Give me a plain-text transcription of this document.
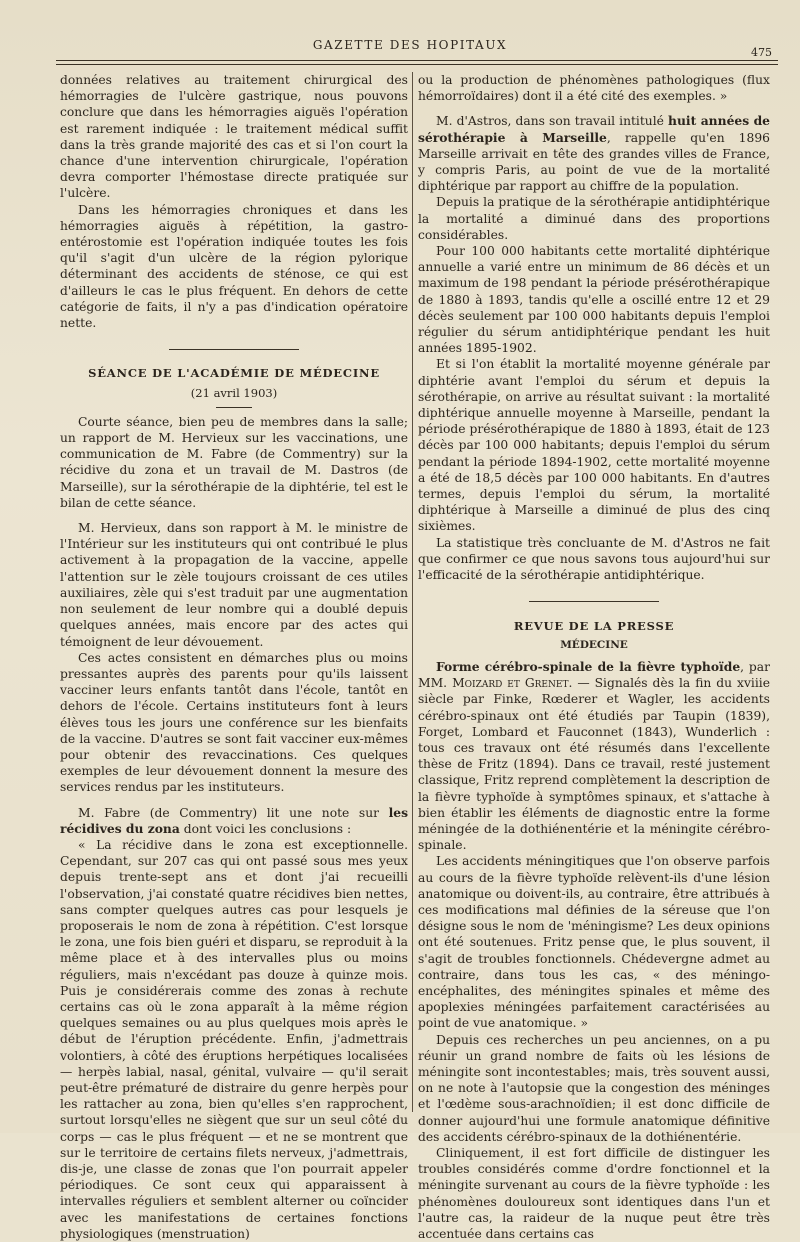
GAZETTE DES HOPITAUX
475

données relatives au traitement chirurgical des hémorragies de l'ulcère gastrique, nous pouvons conclure que dans les hémorragies aiguës l'opération est rarement indiquée : le traitement médical suffit dans la très grande majorité des cas et si l'on court la chance d'une intervention chirurgicale, l'opération devra comporter l'hémostase directe pratiquée sur l'ulcère.

Dans les hémorragies chroniques et dans les hémorragies aiguës à répétition, la gastro-entérostomie est l'opération indiquée toutes les fois qu'il s'agit d'un ulcère de la région pylorique déterminant des accidents de sténose, ce qui est d'ailleurs le cas le plus fréquent. En dehors de cette catégorie de faits, il n'y a pas d'indication opératoire nette.

SÉANCE DE L'ACADÉMIE DE MÉDECINE
(21 avril 1903)

Courte séance, bien peu de membres dans la salle; un rapport de M. Hervieux sur les vaccinations, une communication de M. Fabre (de Commentry) sur la récidive du zona et un travail de M. Dastros (de Marseille), sur la sérothérapie de la diphtérie, tel est le bilan de cette séance.

M. Hervieux, dans son rapport à M. le ministre de l'Intérieur sur les instituteurs qui ont contribué le plus activement à la propagation de la vaccine, appelle l'attention sur le zèle toujours croissant de ces utiles auxiliaires, zèle qui s'est traduit par une augmentation non seulement de leur nombre qui a doublé depuis quelques années, mais encore par des actes qui témoignent de leur dévouement.

Ces actes consistent en démarches plus ou moins pressantes auprès des parents pour qu'ils laissent vacciner leurs enfants tantôt dans l'école, tantôt en dehors de l'école. Certains instituteurs font à leurs élèves tous les jours une conférence sur les bienfaits de la vaccine. D'autres se sont fait vacciner eux-mêmes pour obtenir des revaccinations. Ces quelques exemples de leur dévouement donnent la mesure des services rendus par les instituteurs.

M. Fabre (de Commentry) lit une note sur les récidives du zona dont voici les conclusions :

« La récidive dans le zona est exceptionnelle. Cependant, sur 207 cas qui ont passé sous mes yeux depuis trente-sept ans et dont j'ai recueilli l'observation, j'ai constaté quatre récidives bien nettes, sans compter quelques autres cas pour lesquels je proposerais le nom de zona à répétition. C'est lorsque le zona, une fois bien guéri et disparu, se reproduit à la même place et à des intervalles plus ou moins réguliers, mais n'excédant pas douze à quinze mois. Puis je considérerais comme des zonas à rechute certains cas où le zona apparaît à la même région quelques semaines ou au plus quelques mois après le début de l'éruption précédente. Enfin, j'admettrais volontiers, à côté des éruptions herpétiques localisées — herpès labial, nasal, génital, vulvaire — qu'il serait peut-être prématuré de distraire du genre herpès pour les rattacher au zona, bien qu'elles s'en rapprochent, surtout lorsqu'elles ne siègent que sur un seul côté du corps — cas le plus fréquent — et ne se montrent que sur le territoire de certains filets nerveux, j'admettrais, dis-je, une classe de zonas que l'on pourrait appeler périodiques. Ce sont ceux qui apparaissent à intervalles réguliers et semblent alterner ou coïncider avec les manifestations de certaines fonctions physiologiques (menstruation)

ou la production de phénomènes pathologiques (flux hémorroïdaires) dont il a été cité des exemples. »

M. d'Astros, dans son travail intitulé huit années de sérothérapie à Marseille, rappelle qu'en 1896 Marseille arrivait en tête des grandes villes de France, y compris Paris, au point de vue de la mortalité diphtérique par rapport au chiffre de la population.

Depuis la pratique de la sérothérapie antidiphtérique la mortalité a diminué dans des proportions considérables.

Pour 100 000 habitants cette mortalité diphtérique annuelle a varié entre un minimum de 86 décès et un maximum de 198 pendant la période présérothérapique de 1880 à 1893, tandis qu'elle a oscillé entre 12 et 29 décès seulement par 100 000 habitants depuis l'emploi régulier du sérum antidiphtérique pendant les huit années 1895-1902.

Et si l'on établit la mortalité moyenne générale par diphtérie avant l'emploi du sérum et depuis la sérothérapie, on arrive au résultat suivant : la mortalité diphtérique annuelle moyenne à Marseille, pendant la période présérothérapique de 1880 à 1893, était de 123 décès par 100 000 habitants; depuis l'emploi du sérum pendant la période 1894-1902, cette mortalité moyenne a été de 18,5 décès par 100 000 habitants. En d'autres termes, depuis l'emploi du sérum, la mortalité diphtérique à Marseille a diminué de plus des cinq sixièmes.

La statistique très concluante de M. d'Astros ne fait que confirmer ce que nous savons tous aujourd'hui sur l'efficacité de la sérothérapie antidiphtérique.

REVUE DE LA PRESSE
MÉDECINE

Forme cérébro-spinale de la fièvre typhoïde, par MM. Moizard et Grenet. — Signalés dès la fin du xviiie siècle par Finke, Rœderer et Wagler, les accidents cérébro-spinaux ont été étudiés par Taupin (1839), Forget, Lombard et Fauconnet (1843), Wunderlich : tous ces travaux ont été résumés dans l'excellente thèse de Fritz (1894). Dans ce travail, resté justement classique, Fritz reprend complètement la description de la fièvre typhoïde à symptômes spinaux, et s'attache à bien établir les éléments de diagnostic entre la forme méningée de la dothiénentérie et la méningite cérébro-spinale.

Les accidents méningitiques que l'on observe parfois au cours de la fièvre typhoïde relèvent-ils d'une lésion anatomique ou doivent-ils, au contraire, être attribués à ces modifications mal définies de la séreuse que l'on désigne sous le nom de 'méningisme? Les deux opinions ont été soutenues. Fritz pense que, le plus souvent, il s'agit de troubles fonctionnels. Chédevergne admet au contraire, dans tous les cas, « des méningo-encéphalites, des méningites spinales et même des apoplexies méningées parfaitement caractérisées au point de vue anatomique. »

Depuis ces recherches un peu anciennes, on a pu réunir un grand nombre de faits où les lésions de méningite sont incontestables; mais, très souvent aussi, on ne note à l'autopsie que la congestion des méninges et l'œdème sous-arachnoïdien; il est donc difficile de donner aujourd'hui une formule anatomique définitive des accidents cérébro-spinaux de la dothiénentérie.

Cliniquement, il est fort difficile de distinguer les troubles considérés comme d'ordre fonctionnel et la méningite survenant au cours de la fièvre typhoïde : les phénomènes douloureux sont identiques dans l'un et l'autre cas, la raideur de la nuque peut être très accentuée dans certains cas
